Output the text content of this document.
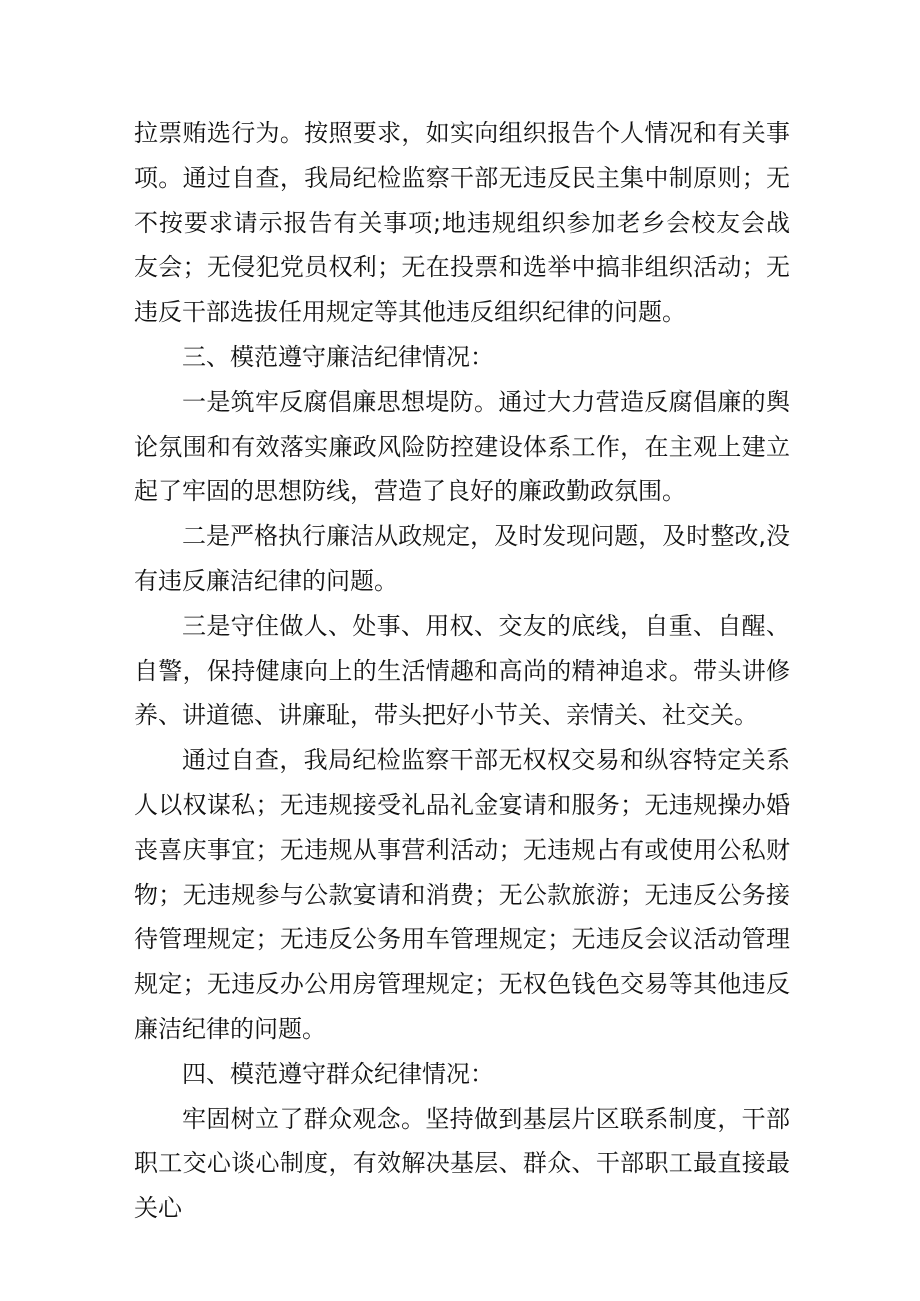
拉票贿选行为。按照要求，如实向组织报告个人情况和有关事项。通过自查，我局纪检监察干部无违反民主集中制原则；无不按要求请示报告有关事项;地违规组织参加老乡会校友会战友会；无侵犯党员权利；无在投票和选举中搞非组织活动；无违反干部选拔任用规定等其他违反组织纪律的问题。

三、模范遵守廉洁纪律情况：

一是筑牢反腐倡廉思想堤防。通过大力营造反腐倡廉的舆论氛围和有效落实廉政风险防控建设体系工作，在主观上建立起了牢固的思想防线，营造了良好的廉政勤政氛围。

二是严格执行廉洁从政规定，及时发现问题，及时整改,没有违反廉洁纪律的问题。

三是守住做人、处事、用权、交友的底线，自重、自醒、自警，保持健康向上的生活情趣和高尚的精神追求。带头讲修养、讲道德、讲廉耻，带头把好小节关、亲情关、社交关。

通过自查，我局纪检监察干部无权权交易和纵容特定关系人以权谋私；无违规接受礼品礼金宴请和服务；无违规操办婚丧喜庆事宜；无违规从事营利活动；无违规占有或使用公私财物；无违规参与公款宴请和消费；无公款旅游；无违反公务接待管理规定；无违反公务用车管理规定；无违反会议活动管理规定；无违反办公用房管理规定；无权色钱色交易等其他违反廉洁纪律的问题。

四、模范遵守群众纪律情况：

牢固树立了群众观念。坚持做到基层片区联系制度，干部职工交心谈心制度，有效解决基层、群众、干部职工最直接最关心
